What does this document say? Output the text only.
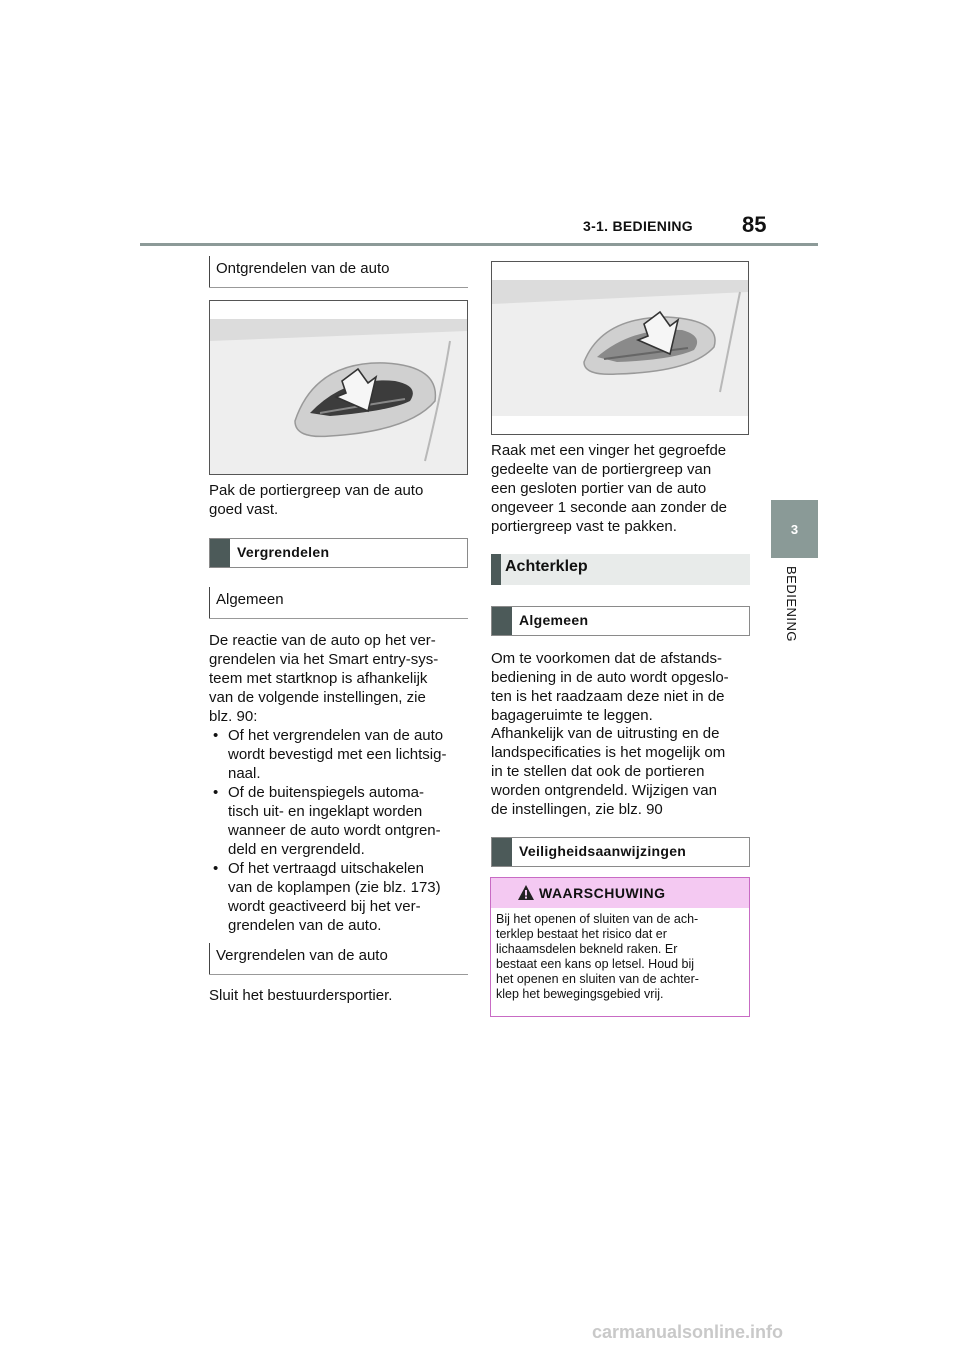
3-1. BEDIENING 85
3
BEDIENING
Ontgrendelen van de auto

Pak de portiergreep van de auto
goed vast.

Vergrendelen
Algemeen

De reactie van de auto op het ver-
grendelen via het Smart entry-sys-
teem met startknop is afhankelijk
van de volgende instellingen, zie
blz. 90:

• Of het vergrendelen van de auto
wordt bevestigd met een lichtsig-
naal.
• Of de buitenspiegels automa-
tisch uit- en ingeklapt worden
wanneer de auto wordt ontgren-
deld en vergrendeld.
• Of het vertraagd uitschakelen
van de koplampen (zie blz. 173)
wordt geactiveerd bij het ver-
grendelen van de auto.
Vergrendelen van de auto

Sluit het bestuurdersportier.

Raak met een vinger het gegroefde
gedeelte van de portiergreep van
een gesloten portier van de auto
ongeveer 1 seconde aan zonder de
portiergreep vast te pakken.

Achterklep
Algemeen

Om te voorkomen dat de afstands-
bediening in de auto wordt opgeslo-
ten is het raadzaam deze niet in de
bagageruimte te leggen.

Afhankelijk van de uitrusting en de
landspecificaties is het mogelijk om
in te stellen dat ook de portieren
worden ontgrendeld. Wijzigen van
de instellingen, zie blz. 90

Veiligheidsaanwijzingen
WAARSCHUWING

Bij het openen of sluiten van de ach-
terklep bestaat het risico dat er
lichaamsdelen bekneld raken. Er
bestaat een kans op letsel. Houd bij
het openen en sluiten van de achter-
klep het bewegingsgebied vrij.

carmanualsonline.info
